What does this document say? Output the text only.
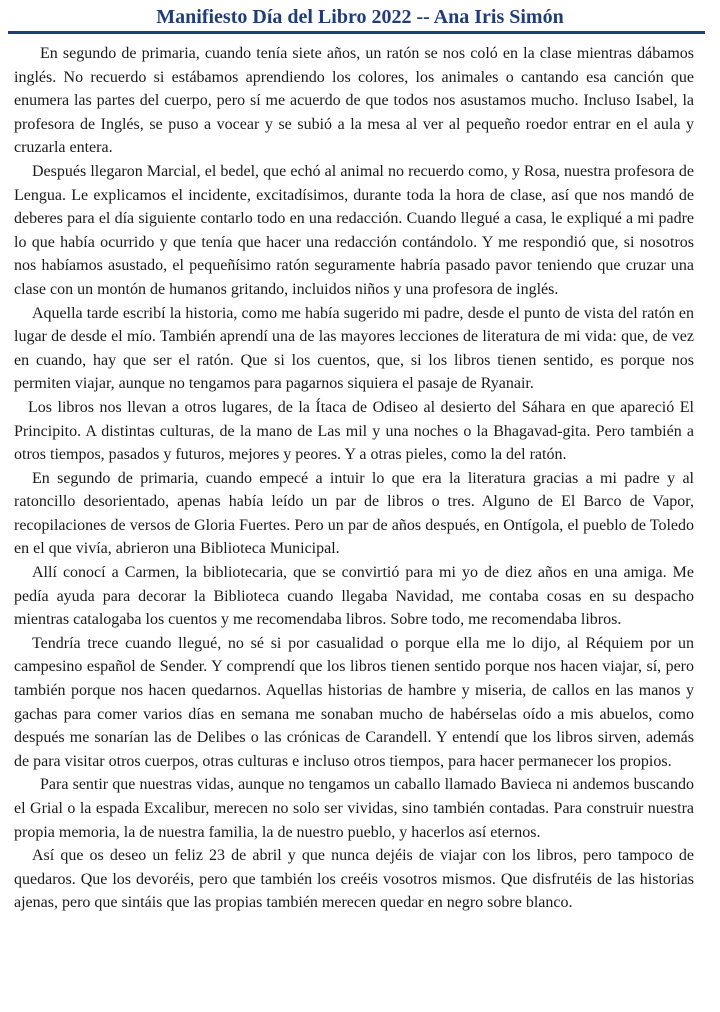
Manifiesto Día del Libro 2022 -- Ana Iris Simón

En segundo de primaria, cuando tenía siete años, un ratón se nos coló en la clase mientras dábamos inglés. No recuerdo si estábamos aprendiendo los colores, los animales o cantando esa canción que enumera las partes del cuerpo, pero sí me acuerdo de que todos nos asustamos mucho. Incluso Isabel, la profesora de Inglés, se puso a vocear y se subió a la mesa al ver al pequeño roedor entrar en el aula y cruzarla entera.

Después llegaron Marcial, el bedel, que echó al animal no recuerdo como, y Rosa, nuestra profesora de Lengua. Le explicamos el incidente, excitadísimos, durante toda la hora de clase, así que nos mandó de deberes para el día siguiente contarlo todo en una redacción. Cuando llegué a casa, le expliqué a mi padre lo que había ocurrido y que tenía que hacer una redacción contándolo. Y me respondió que, si nosotros nos habíamos asustado, el pequeñísimo ratón seguramente habría pasado pavor teniendo que cruzar una clase con un montón de humanos gritando, incluidos niños y una profesora de inglés.

Aquella tarde escribí la historia, como me había sugerido mi padre, desde el punto de vista del ratón en lugar de desde el mío. También aprendí una de las mayores lecciones de literatura de mi vida: que, de vez en cuando, hay que ser el ratón. Que si los cuentos, que, si los libros tienen sentido, es porque nos permiten viajar, aunque no tengamos para pagarnos siquiera el pasaje de Ryanair.

Los libros nos llevan a otros lugares, de la Ítaca de Odiseo al desierto del Sáhara en que apareció El Principito. A distintas culturas, de la mano de Las mil y una noches o la Bhagavad-gita. Pero también a otros tiempos, pasados y futuros, mejores y peores. Y a otras pieles, como la del ratón.

En segundo de primaria, cuando empecé a intuir lo que era la literatura gracias a mi padre y al ratoncillo desorientado, apenas había leído un par de libros o tres. Alguno de El Barco de Vapor, recopilaciones de versos de Gloria Fuertes. Pero un par de años después, en Ontígola, el pueblo de Toledo en el que vivía, abrieron una Biblioteca Municipal.

Allí conocí a Carmen, la bibliotecaria, que se convirtió para mi yo de diez años en una amiga. Me pedía ayuda para decorar la Biblioteca cuando llegaba Navidad, me contaba cosas en su despacho mientras catalogaba los cuentos y me recomendaba libros. Sobre todo, me recomendaba libros.

Tendría trece cuando llegué, no sé si por casualidad o porque ella me lo dijo, al Réquiem por un campesino español de Sender. Y comprendí que los libros tienen sentido porque nos hacen viajar, sí, pero también porque nos hacen quedarnos. Aquellas historias de hambre y miseria, de callos en las manos y gachas para comer varios días en semana me sonaban mucho de habérselas oído a mis abuelos, como después me sonarían las de Delibes o las crónicas de Carandell. Y entendí que los libros sirven, además de para visitar otros cuerpos, otras culturas e incluso otros tiempos, para hacer permanecer los propios.

Para sentir que nuestras vidas, aunque no tengamos un caballo llamado Bavieca ni andemos buscando el Grial o la espada Excalibur, merecen no solo ser vividas, sino también contadas. Para construir nuestra propia memoria, la de nuestra familia, la de nuestro pueblo, y hacerlos así eternos.

Así que os deseo un feliz 23 de abril y que nunca dejéis de viajar con los libros, pero tampoco de quedaros. Que los devoréis, pero que también los creéis vosotros mismos. Que disfrutéis de las historias ajenas, pero que sintáis que las propias también merecen quedar en negro sobre blanco.
